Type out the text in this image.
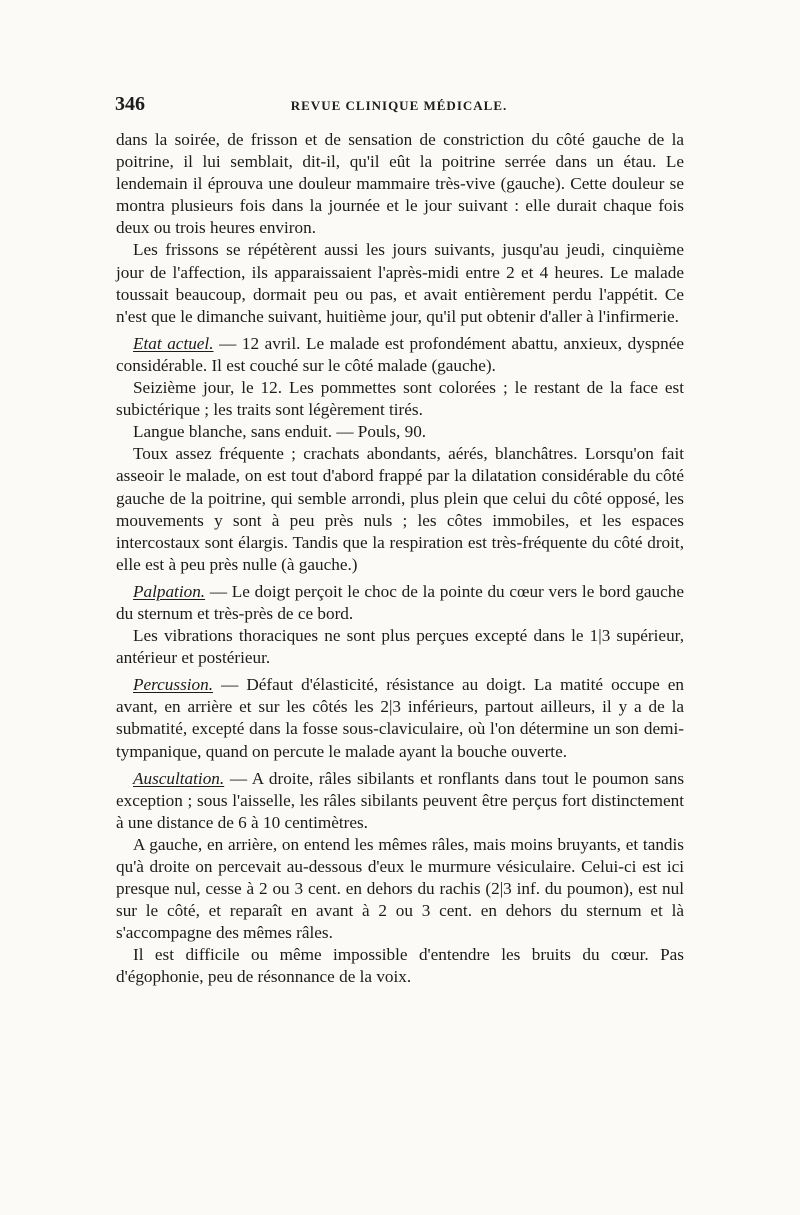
346	REVUE CLINIQUE MÉDICALE.

dans la soirée, de frisson et de sensation de constriction du côté gauche de la poitrine, il lui semblait, dit-il, qu'il eût la poitrine serrée dans un étau. Le lendemain il éprouva une douleur mammaire très-vive (gauche). Cette douleur se montra plusieurs fois dans la journée et le jour suivant : elle durait chaque fois deux ou trois heures environ.

Les frissons se répétèrent aussi les jours suivants, jusqu'au jeudi, cinquième jour de l'affection, ils apparaissaient l'après-midi entre 2 et 4 heures. Le malade toussait beaucoup, dormait peu ou pas, et avait entièrement perdu l'appétit. Ce n'est que le dimanche suivant, huitième jour, qu'il put obtenir d'aller à l'infirmerie.

Etat actuel. — 12 avril. Le malade est profondément abattu, anxieux, dyspnée considérable. Il est couché sur le côté malade (gauche).

Seizième jour, le 12. Les pommettes sont colorées ; le restant de la face est subictérique ; les traits sont légèrement tirés.

Langue blanche, sans enduit. — Pouls, 90.

Toux assez fréquente ; crachats abondants, aérés, blanchâtres. Lorsqu'on fait asseoir le malade, on est tout d'abord frappé par la dilatation considérable du côté gauche de la poitrine, qui semble arrondi, plus plein que celui du côté opposé, les mouvements y sont à peu près nuls ; les côtes immobiles, et les espaces intercostaux sont élargis. Tandis que la respiration est très-fréquente du côté droit, elle est à peu près nulle (à gauche.)

Palpation. — Le doigt perçoit le choc de la pointe du cœur vers le bord gauche du sternum et très-près de ce bord.

Les vibrations thoraciques ne sont plus perçues excepté dans le 1|3 supérieur, antérieur et postérieur.

Percussion. — Défaut d'élasticité, résistance au doigt. La matité occupe en avant, en arrière et sur les côtés les 2|3 inférieurs, partout ailleurs, il y a de la submatité, excepté dans la fosse sous-claviculaire, où l'on détermine un son demi-tympanique, quand on percute le malade ayant la bouche ouverte.

Auscultation. — A droite, râles sibilants et ronflants dans tout le poumon sans exception ; sous l'aisselle, les râles sibilants peuvent être perçus fort distinctement à une distance de 6 à 10 centimètres.

A gauche, en arrière, on entend les mêmes râles, mais moins bruyants, et tandis qu'à droite on percevait au-dessous d'eux le murmure vésiculaire. Celui-ci est ici presque nul, cesse à 2 ou 3 cent. en dehors du rachis (2|3 inf. du poumon), est nul sur le côté, et reparaît en avant à 2 ou 3 cent. en dehors du sternum et là s'accompagne des mêmes râles.

Il est difficile ou même impossible d'entendre les bruits du cœur. Pas d'égophonie, peu de résonnance de la voix.
